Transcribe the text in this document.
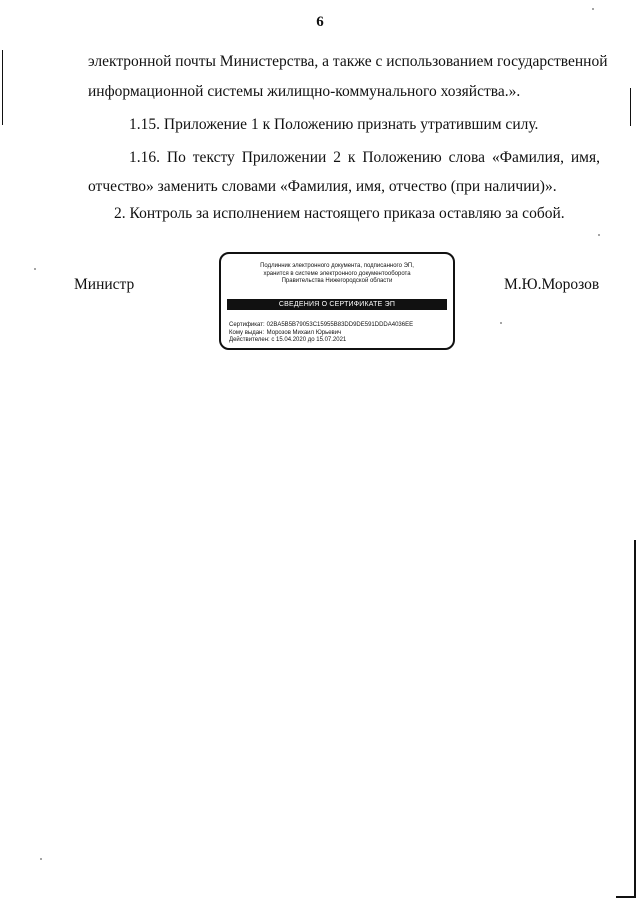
6
электронной почты Министерства, а также с использованием государственной
информационной системы жилищно-коммунального хозяйства.».
1.15. Приложение 1 к Положению признать утратившим силу.
1.16. По тексту Приложении 2 к Положению слова «Фамилия, имя,
отчество» заменить словами «Фамилия, имя, отчество (при наличии)».
2. Контроль за исполнением настоящего приказа оставляю за собой.
Министр	М.Ю.Морозов
Подлинник электронного документа, подписанного ЭП,
хранится в системе электронного документооборота
Правительства Нижегородской области
СВЕДЕНИЯ О СЕРТИФИКАТЕ ЭП
Сертификат: 02BA5B5B79053C15955B83DD9DE591DDDA4036EE
Кому выдан: Морозов Михаил Юрьевич
Действителен: с 15.04.2020 до 15.07.2021
